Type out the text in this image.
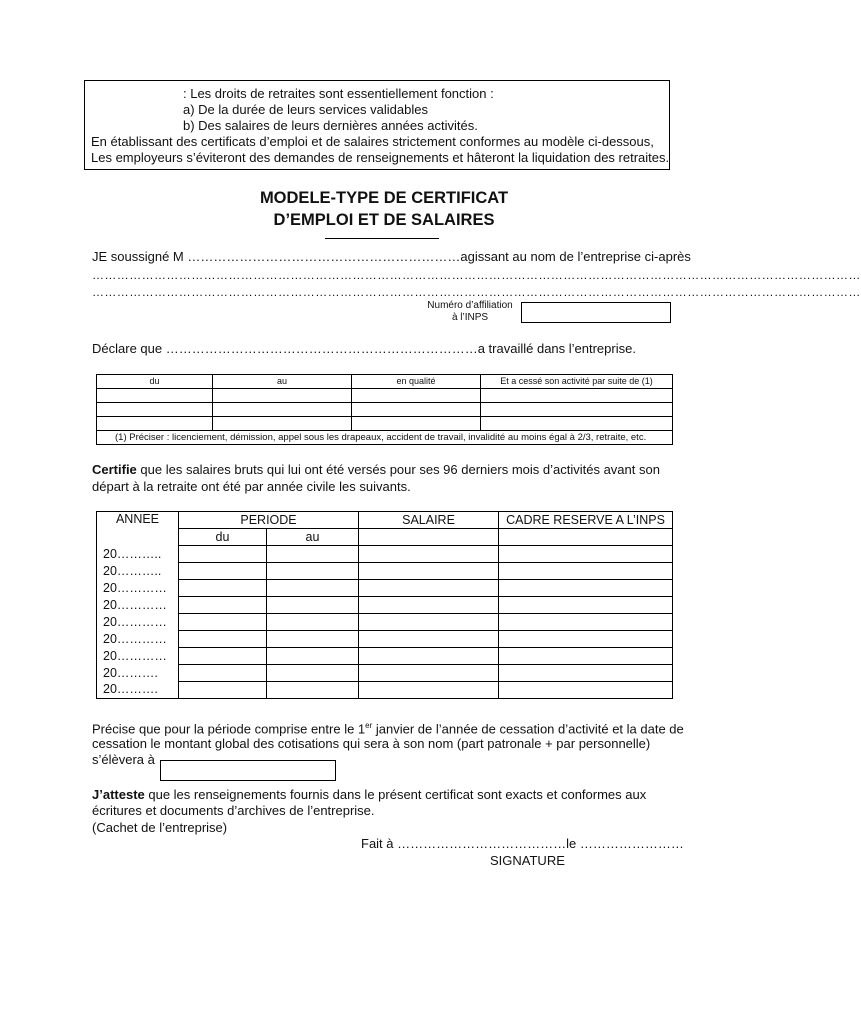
: Les droits de retraites sont essentiellement fonction :
a) De la durée de leurs services validables
b) Des salaires de leurs dernières années activités.
En établissant des certificats d’emploi et de salaires strictement conformes au modèle ci-dessous,
Les employeurs s’éviteront des demandes de renseignements et hâteront la liquidation des retraites.
MODELE-TYPE DE CERTIFICAT
D’EMPLOI ET DE SALAIRES
JE soussigné M ………………………………………………………agissant au nom de l’entreprise ci-après
……………………………………………………………………………………………………………………………………………………………………
……………………………………………………………………………………………………………………………………………………………………
Numéro d’affiliation
à l’INPS
Déclare que ………………………………………………………………a travaillé dans l’entreprise.
du	au	en qualité	Et a cessé son activité par suite de (1)

(1) Préciser : licenciement, démission, appel sous les drapeaux, accident de travail, invalidité au moins égal à 2/3, retraite, etc.			
Certifie que les salaires bruts qui lui ont été versés pour ses 96 derniers mois d’activités avant son
départ à la retraite ont été par année civile les suivants.
ANNEE	PERIODE		SALAIRE	CADRE RESERVE A L’INPS
	du	au		
20………..				
20………..				
20…………				
20…………				
20…………				
20…………				
20…………				
20……….				
20……….				
Précise que pour la période comprise entre le 1er janvier de l’année de cessation d’activité et la date de
cessation le montant global des cotisations qui sera à son nom (part patronale + par personnelle)
s’élèvera à
J’atteste que les renseignements fournis dans le présent certificat sont exacts et conformes aux
écritures et documents d’archives de l’entreprise.
(Cachet de l’entreprise)
Fait à …………………………………le ……………………
SIGNATURE
